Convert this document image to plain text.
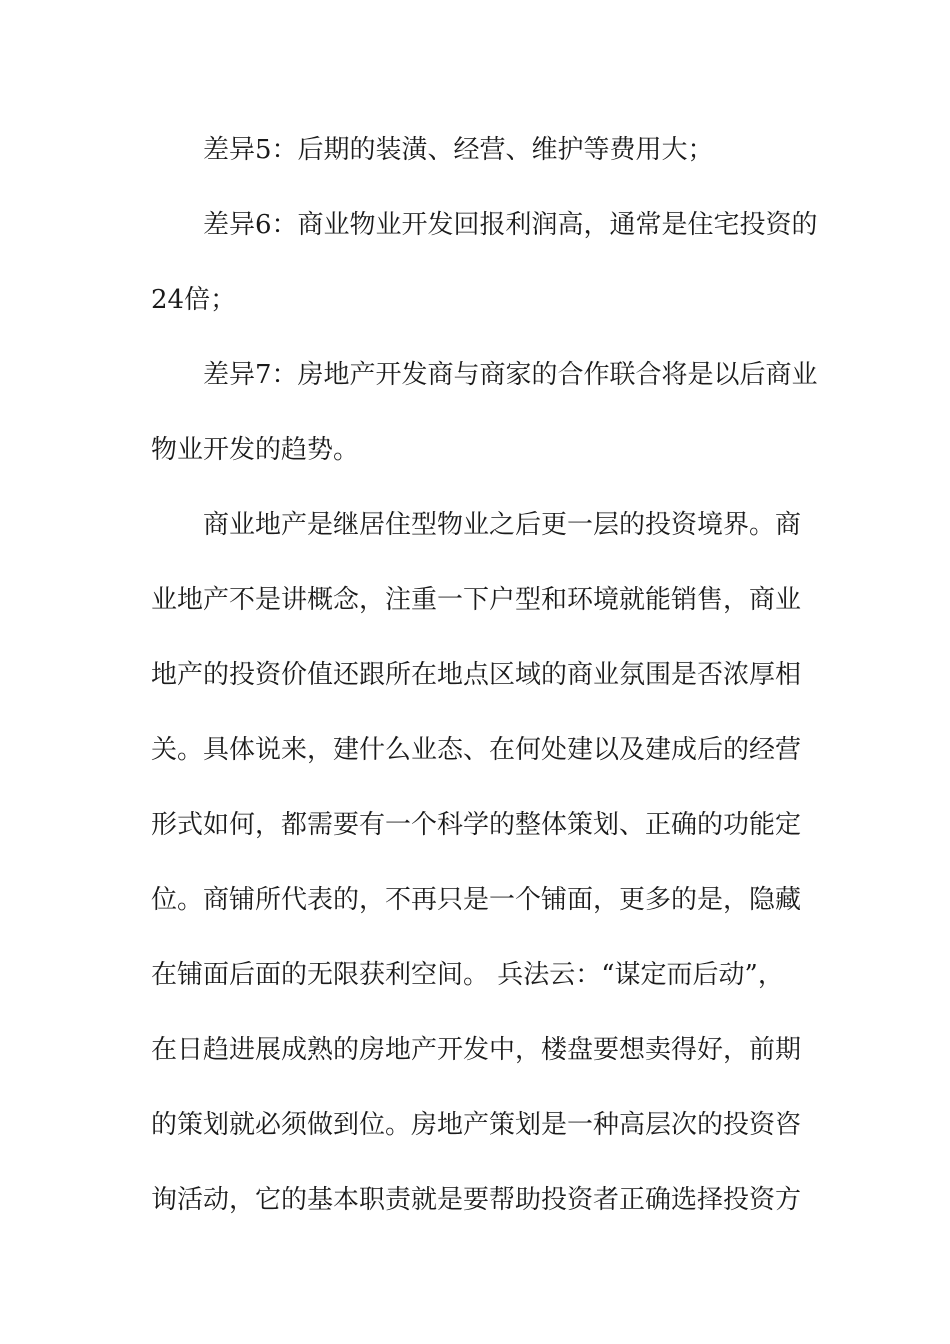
差异5：后期的装潢、经营、维护等费用大；
差异6：商业物业开发回报利润高，通常是住宅投资的
24倍；
差异7：房地产开发商与商家的合作联合将是以后商业
物业开发的趋势。
商业地产是继居住型物业之后更一层的投资境界。商
业地产不是讲概念，注重一下户型和环境就能销售，商业
地产的投资价值还跟所在地点区域的商业氛围是否浓厚相
关。具体说来，建什么业态、在何处建以及建成后的经营
形式如何，都需要有一个科学的整体策划、正确的功能定
位。商铺所代表的，不再只是一个铺面，更多的是，隐藏
在铺面后面的无限获利空间。 兵法云：“谋定而后动”，
在日趋进展成熟的房地产开发中，楼盘要想卖得好，前期
的策划就必须做到位。房地产策划是一种高层次的投资咨
询活动，它的基本职责就是要帮助投资者正确选择投资方
